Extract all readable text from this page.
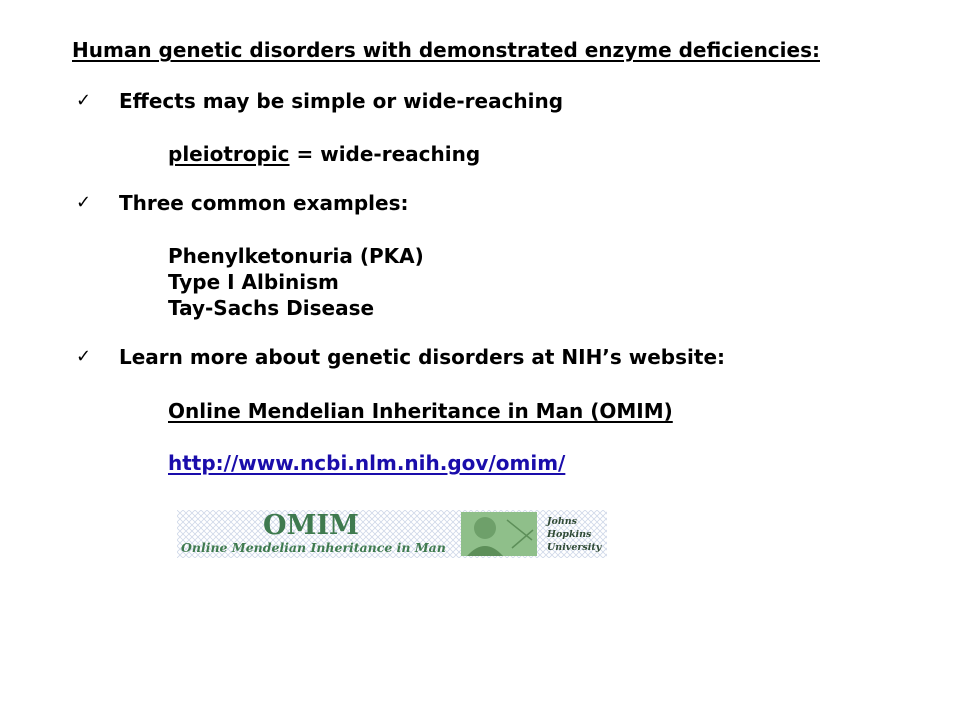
Human genetic disorders with demonstrated enzyme deficiencies:
✓ Effects may be simple or wide-reaching
pleiotropic = wide-reaching
✓ Three common examples:
Phenylketonuria (PKA)
Type I Albinism
Tay-Sachs Disease
✓ Learn more about genetic disorders at NIH’s website:
Online Mendelian Inheritance in Man (OMIM)
http://www.ncbi.nlm.nih.gov/omim/
OMIM
Online Mendelian Inheritance in Man
Johns
Hopkins
University
